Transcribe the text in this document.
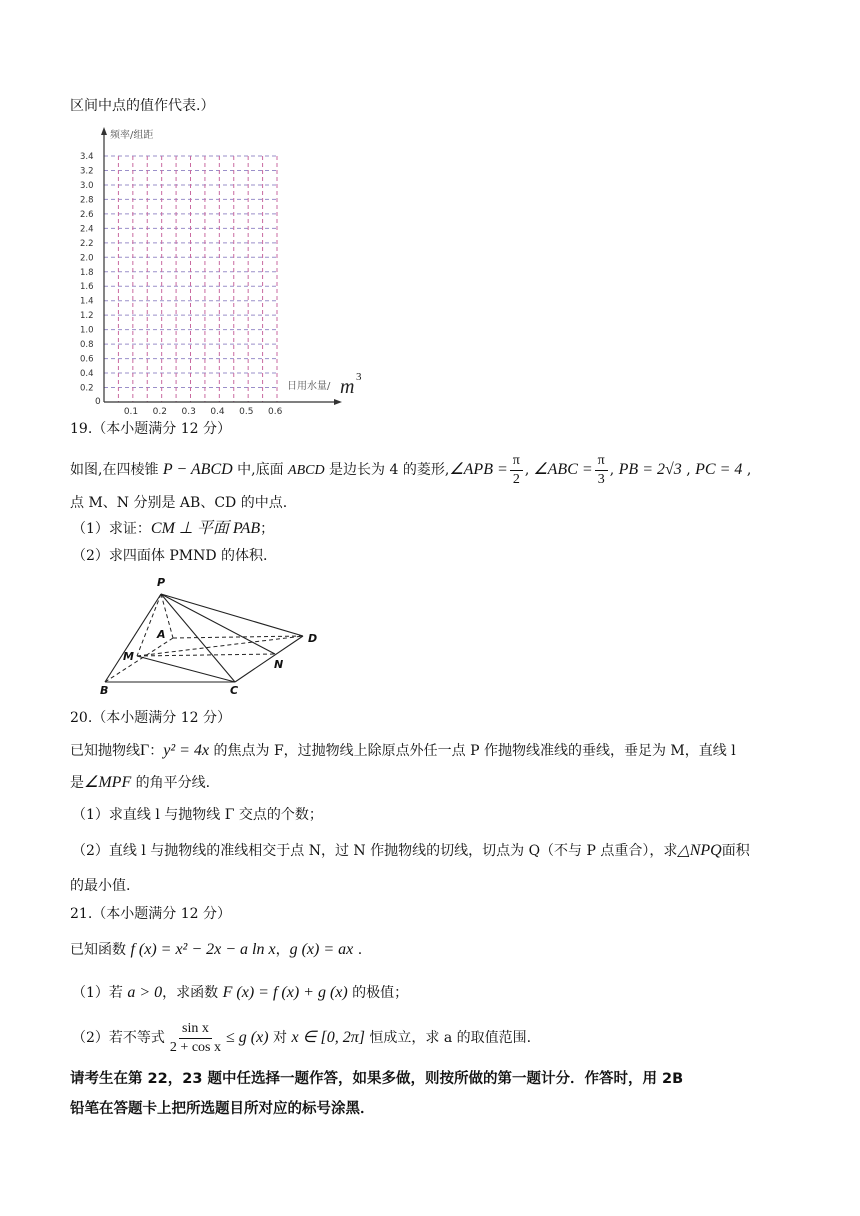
区间中点的值作代表.）
频率/组距
0
日用水量/ m 3
3.4
3.2
3.0
2.8
2.6
2.4
2.2
2.0
1.8
1.6
1.4
1.2
1.0
0.8
0.6
0.4
0.2
0.1 0.2 0.3 0.4 0.5 0.6
19.（本小题满分 12 分）
如图,在四棱锥 P − ABCD 中,底面 ABCD 是边长为 4 的菱形,∠APB = $\frac{\pi}{2}$ , ∠ABC = $\frac{\pi}{3}$ , PB = 2√3 , PC = 4 ,
点 M、N 分别是 AB、CD 的中点.
（1）求证：CM ⊥ 平面 PAB；
（2）求四面体 PMND 的体积.
P
A	D
M
N
B	C
20.（本小题满分 12 分）
已知抛物线Γ：y² = 4x 的焦点为 F，过抛物线上除原点外任一点 P 作抛物线准线的垂线，垂足为 M，直线 l
是∠MPF 的角平分线.
（1）求直线 l 与抛物线 Γ 交点的个数；
（2）直线 l 与抛物线的准线相交于点 N，过 N 作抛物线的切线，切点为 Q（不与 P 点重合），求△NPQ面积
的最小值.
21.（本小题满分 12 分）
已知函数 f (x) = x² − 2x − a ln x，g (x) = ax .
（1）若 a > 0，求函数 F (x) = f (x) + g (x) 的极值；
（2）若不等式 $\frac{\text{sin x}}{\text{2 + cos x}} \le g$ (x) 对 x ∈ [0, 2π] 恒成立，求 a 的取值范围.
请考生在第 22，23 题中任选择一题作答，如果多做，则按所做的第一题计分．作答时，用 2B
铅笔在答题卡上把所选题目所对应的标号涂黑．
